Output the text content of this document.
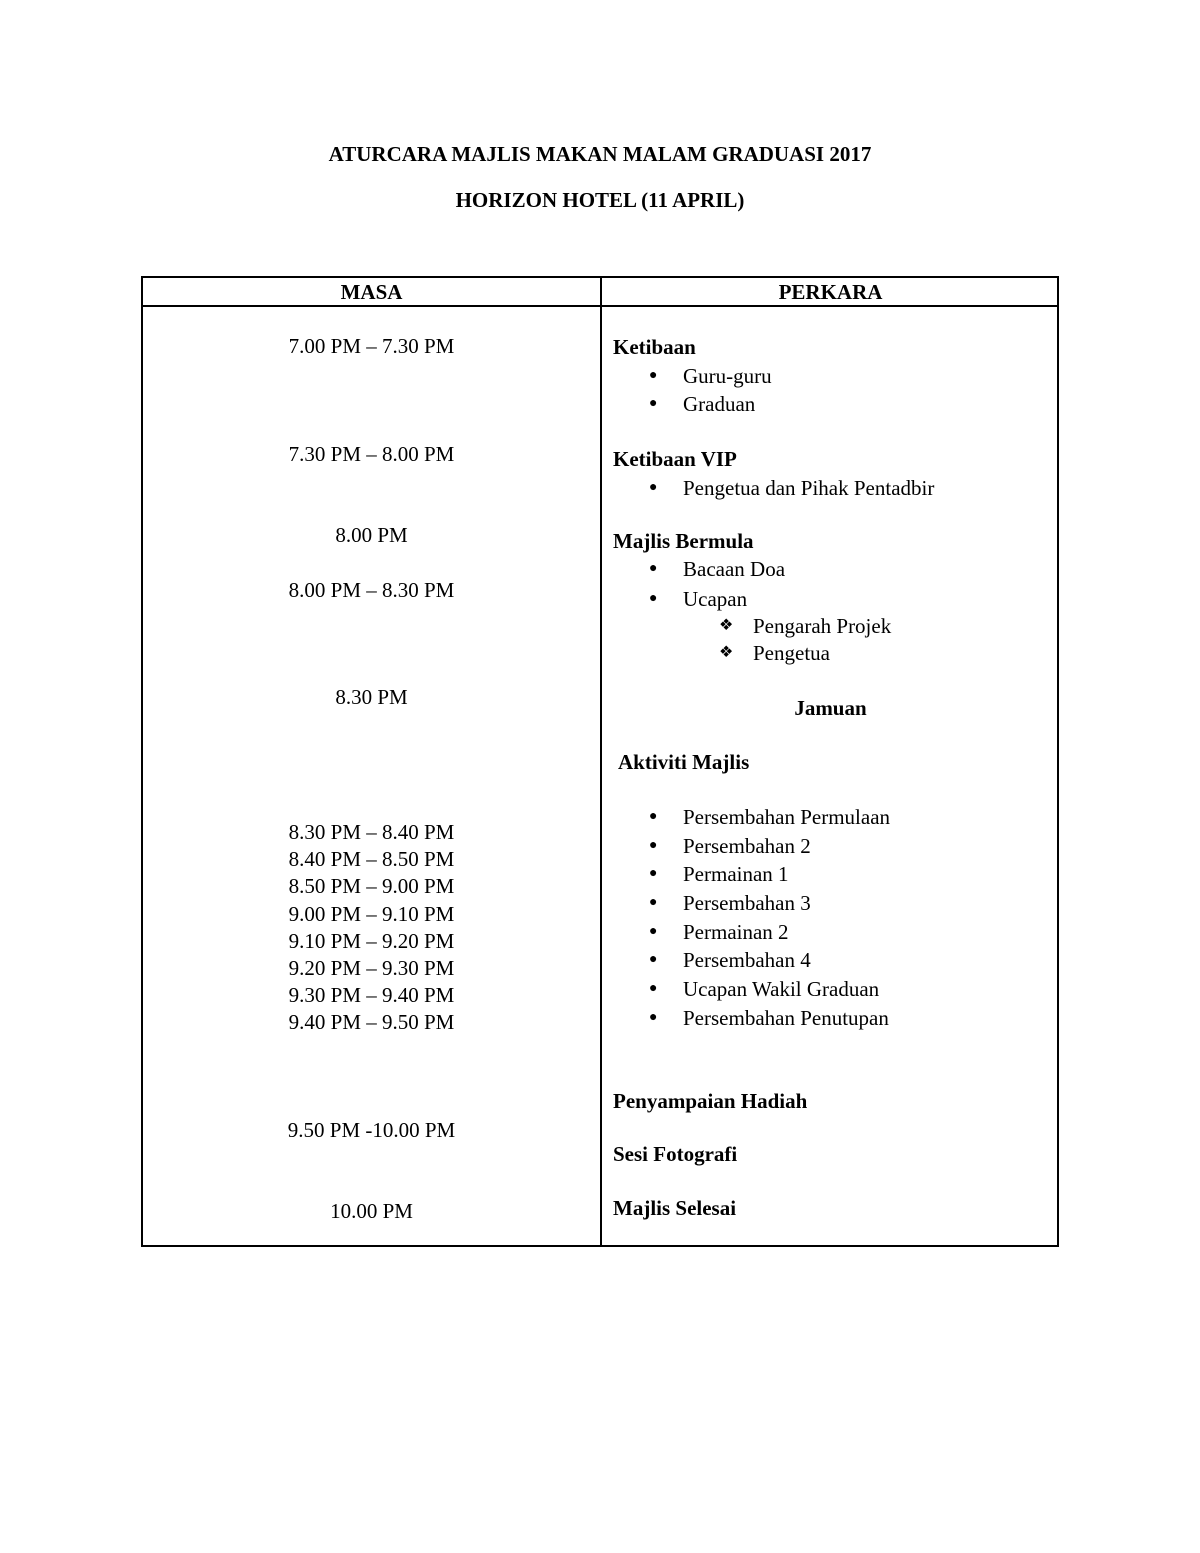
ATURCARA MAJLIS MAKAN MALAM GRADUASI 2017
HORIZON HOTEL (11 APRIL)
MASA	PERKARA
7.00 PM – 7.30 PM
7.30 PM – 8.00 PM
8.00 PM
8.00 PM – 8.30 PM
8.30 PM
8.30 PM – 8.40 PM
8.40 PM – 8.50 PM
8.50 PM – 9.00 PM
9.00 PM – 9.10 PM
9.10 PM – 9.20 PM
9.20 PM – 9.30 PM
9.30 PM – 9.40 PM
9.40 PM – 9.50 PM
9.50 PM -10.00 PM
10.00 PM
Ketibaan
● Guru-guru
● Graduan
Ketibaan VIP
● Pengetua dan Pihak Pentadbir
Majlis Bermula
● Bacaan Doa
● Ucapan
❖ Pengarah Projek
❖ Pengetua
Jamuan
Aktiviti Majlis
● Persembahan Permulaan
● Persembahan 2
● Permainan 1
● Persembahan 3
● Permainan 2
● Persembahan 4
● Ucapan Wakil Graduan
● Persembahan Penutupan
Penyampaian Hadiah
Sesi Fotografi
Majlis Selesai
